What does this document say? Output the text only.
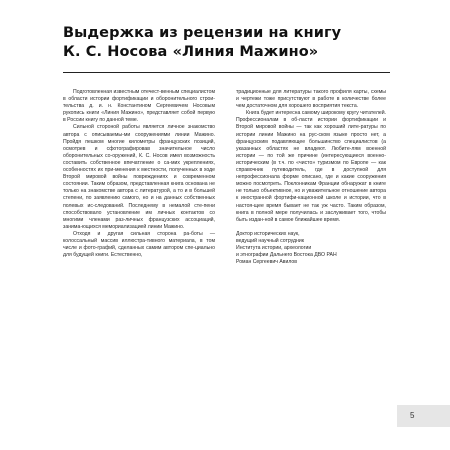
Выдержка из рецензии на книгу
К. С. Носова «Линия Мажино»

Подготовленная известным отечест-венным специалистом в области истории фортификации и оборонительного строи-тельства д. и. н. Константином Сергеевичем Носовым рукопись книги «Линия Мажино», представляет собой первую в России книгу по данной теме.

Сильной стороной работы является личное знакомство автора с описываемы-ми сооружениями линии Мажино. Пройдя пешком многие километры французских позиций, осмотрев и сфотографировав значительное число оборонительных со-оружений, К. С. Носов имел возможность составить собственное впечатление о са-мих укреплениях, особенностях их при-менения к местности, полученных в ходе Второй мировой войны повреждениях и современном состоянии. Таким образом, представленная книга основана не только на знакомстве автора с литературой, а то и в большей степени, по заявлению самого, но и на данных собственных полевых ис-следований. Последнему в немалой сте-пени способствовало установление им личных контактов со многими членами раз-личных французских ассоциаций, занима-ющихся мемориализацией линии Мажино.

Отходя и другая сильная сторона ра-боты — колоссальный массив иллюстра-тивного материала, в том числе и фото-графий, сделанных самим автором спе-циально для будущей книги. Естественно,

традиционные для литературы такого профиля карты, схемы и чертежи тоже присутствуют в работе в количестве более чем достаточном для хорошего восприятия текста.

Книга будет интересна самому широкому кругу читателей. Профессионалам в об-ласти истории фортификации и Второй мировой войны — так как хороший лите-ратуры по истории линии Мажино на рус-ском языке просто нет, а французским подавляющее большинство специалистов (а указанных областях не владеют. Любите-лям военной истории — по той же причине (интересующиеся военно-историческим (в т.ч. по «чисто» туризмом по Европе — как справочник путеводитель, где в доступной для непрофессионала форме описано, где и какие сооружения можно посмотреть. Поклонникам Франции обнаружат в книге не только объективное, но и уважительное отношение автора к иностранной фортифи-кационной школе и истории, что в настоя-щее время бывает не так уж часто. Таким образом, книга в полной мере получилась и заслуживает того, чтобы быть издан-ной в самое ближайшее время.

Доктор исторических наук,
ведущий научный сотрудник
Института истории, археологии
и этнографии Дальнего Востока ДВО РАН
Роман Сергеевич Авилов
5
